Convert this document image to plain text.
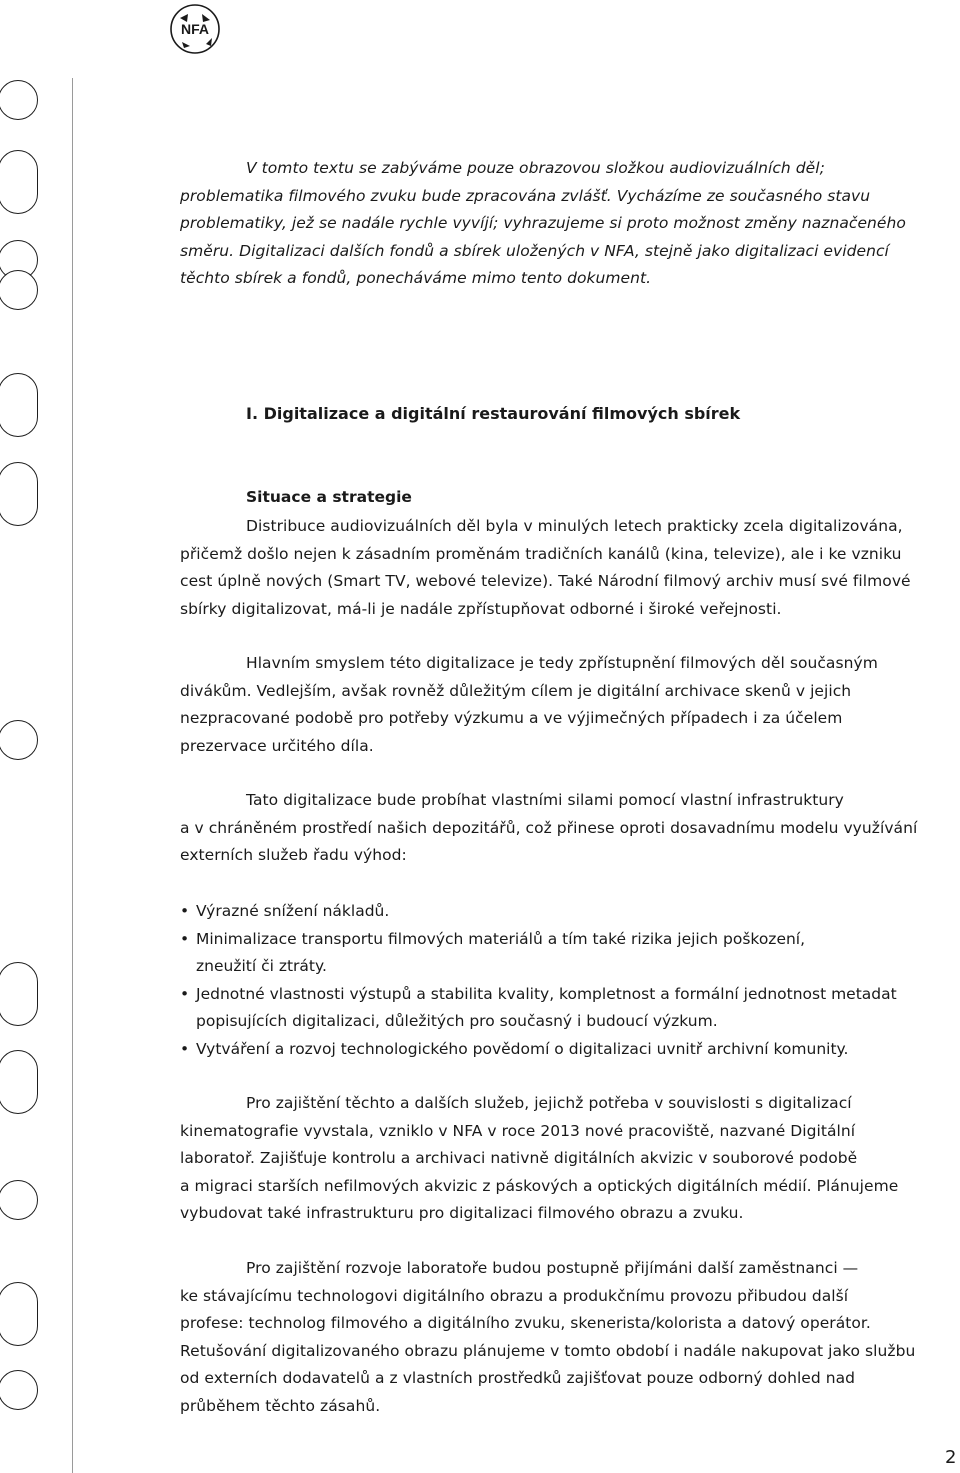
NFA

V tomto textu se zabýváme pouze obrazovou složkou audiovizuálních děl;
problematika filmového zvuku bude zpracována zvlášť. Vycházíme ze současného stavu
problematiky, jež se nadále rychle vyvíjí; vyhrazujeme si proto možnost změny naznačeného
směru. Digitalizaci dalších fondů a sbírek uložených v NFA, stejně jako digitalizaci evidencí
těchto sbírek a fondů, ponecháváme mimo tento dokument.

I. Digitalizace a digitální restaurování filmových sbírek
Situace a strategie

Distribuce audiovizuálních děl byla v minulých letech prakticky zcela digitalizována,
přičemž došlo nejen k zásadním proměnám tradičních kanálů (kina, televize), ale i ke vzniku
cest úplně nových (Smart TV, webové televize). Také Národní filmový archiv musí své filmové
sbírky digitalizovat, má-li je nadále zpřístupňovat odborné i široké veřejnosti.

Hlavním smyslem této digitalizace je tedy zpřístupnění filmových děl současným
divákům. Vedlejším, avšak rovněž důležitým cílem je digitální archivace skenů v jejich
nezpracované podobě pro potřeby výzkumu a ve výjimečných případech i za účelem
prezervace určitého díla.

Tato digitalizace bude probíhat vlastními silami pomocí vlastní infrastruktury
a v chráněném prostředí našich depozitářů, což přinese oproti dosavadnímu modelu využívání
externích služeb řadu výhod:

• Výrazné snížení nákladů.
• Minimalizace transportu filmových materiálů a tím také rizika jejich poškození,
zneužití či ztráty.
• Jednotné vlastnosti výstupů a stabilita kvality, kompletnost a formální jednotnost metadat
popisujících digitalizaci, důležitých pro současný i budoucí výzkum.
• Vytváření a rozvoj technologického povědomí o digitalizaci uvnitř archivní komunity.

Pro zajištění těchto a dalších služeb, jejichž potřeba v souvislosti s digitalizací
kinematografie vyvstala, vzniklo v NFA v roce 2013 nové pracoviště, nazvané Digitální
laboratoř. Zajišťuje kontrolu a archivaci nativně digitálních akvizic v souborové podobě
a migraci starších nefilmových akvizic z páskových a optických digitálních médií. Plánujeme
vybudovat také infrastrukturu pro digitalizaci filmového obrazu a zvuku.

Pro zajištění rozvoje laboratoře budou postupně přijímáni další zaměstnanci —
ke stávajícímu technologovi digitálního obrazu a produkčnímu provozu přibudou další
profese: technolog filmového a digitálního zvuku, skenerista/kolorista a datový operátor.
Retušování digitalizovaného obrazu plánujeme v tomto období i nadále nakupovat jako službu
od externích dodavatelů a z vlastních prostředků zajišťovat pouze odborný dohled nad
průběhem těchto zásahů.

2
